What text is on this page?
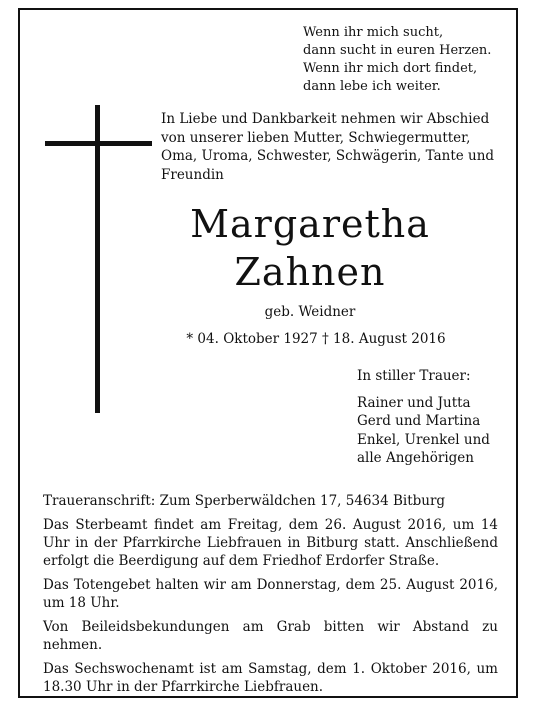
Wenn ihr mich sucht,
dann sucht in euren Herzen.
Wenn ihr mich dort findet,
dann lebe ich weiter.
In Liebe und Dankbarkeit nehmen wir Abschied
von unserer lieben Mutter, Schwiegermutter,
Oma, Uroma, Schwester, Schwägerin, Tante und
Freundin
Margaretha
Zahnen
geb. Weidner
* 04. Oktober 1927 † 18. August 2016
In stiller Trauer:
Rainer und Jutta
Gerd und Martina
Enkel, Urenkel und
alle Angehörigen

Traueranschrift: Zum Sperberwäldchen 17, 54634 Bitburg

Das Sterbeamt findet am Freitag, dem 26. August 2016, um 14 Uhr in der Pfarrkirche Liebfrauen in Bitburg statt. Anschließend erfolgt die Beerdigung auf dem Friedhof Erdorfer Straße.

Das Totengebet halten wir am Donnerstag, dem 25. August 2016, um 18 Uhr.

Von Beileidsbekundungen am Grab bitten wir Abstand zu nehmen.

Das Sechswochenamt ist am Samstag, dem 1. Oktober 2016, um 18.30 Uhr in der Pfarrkirche Liebfrauen.
